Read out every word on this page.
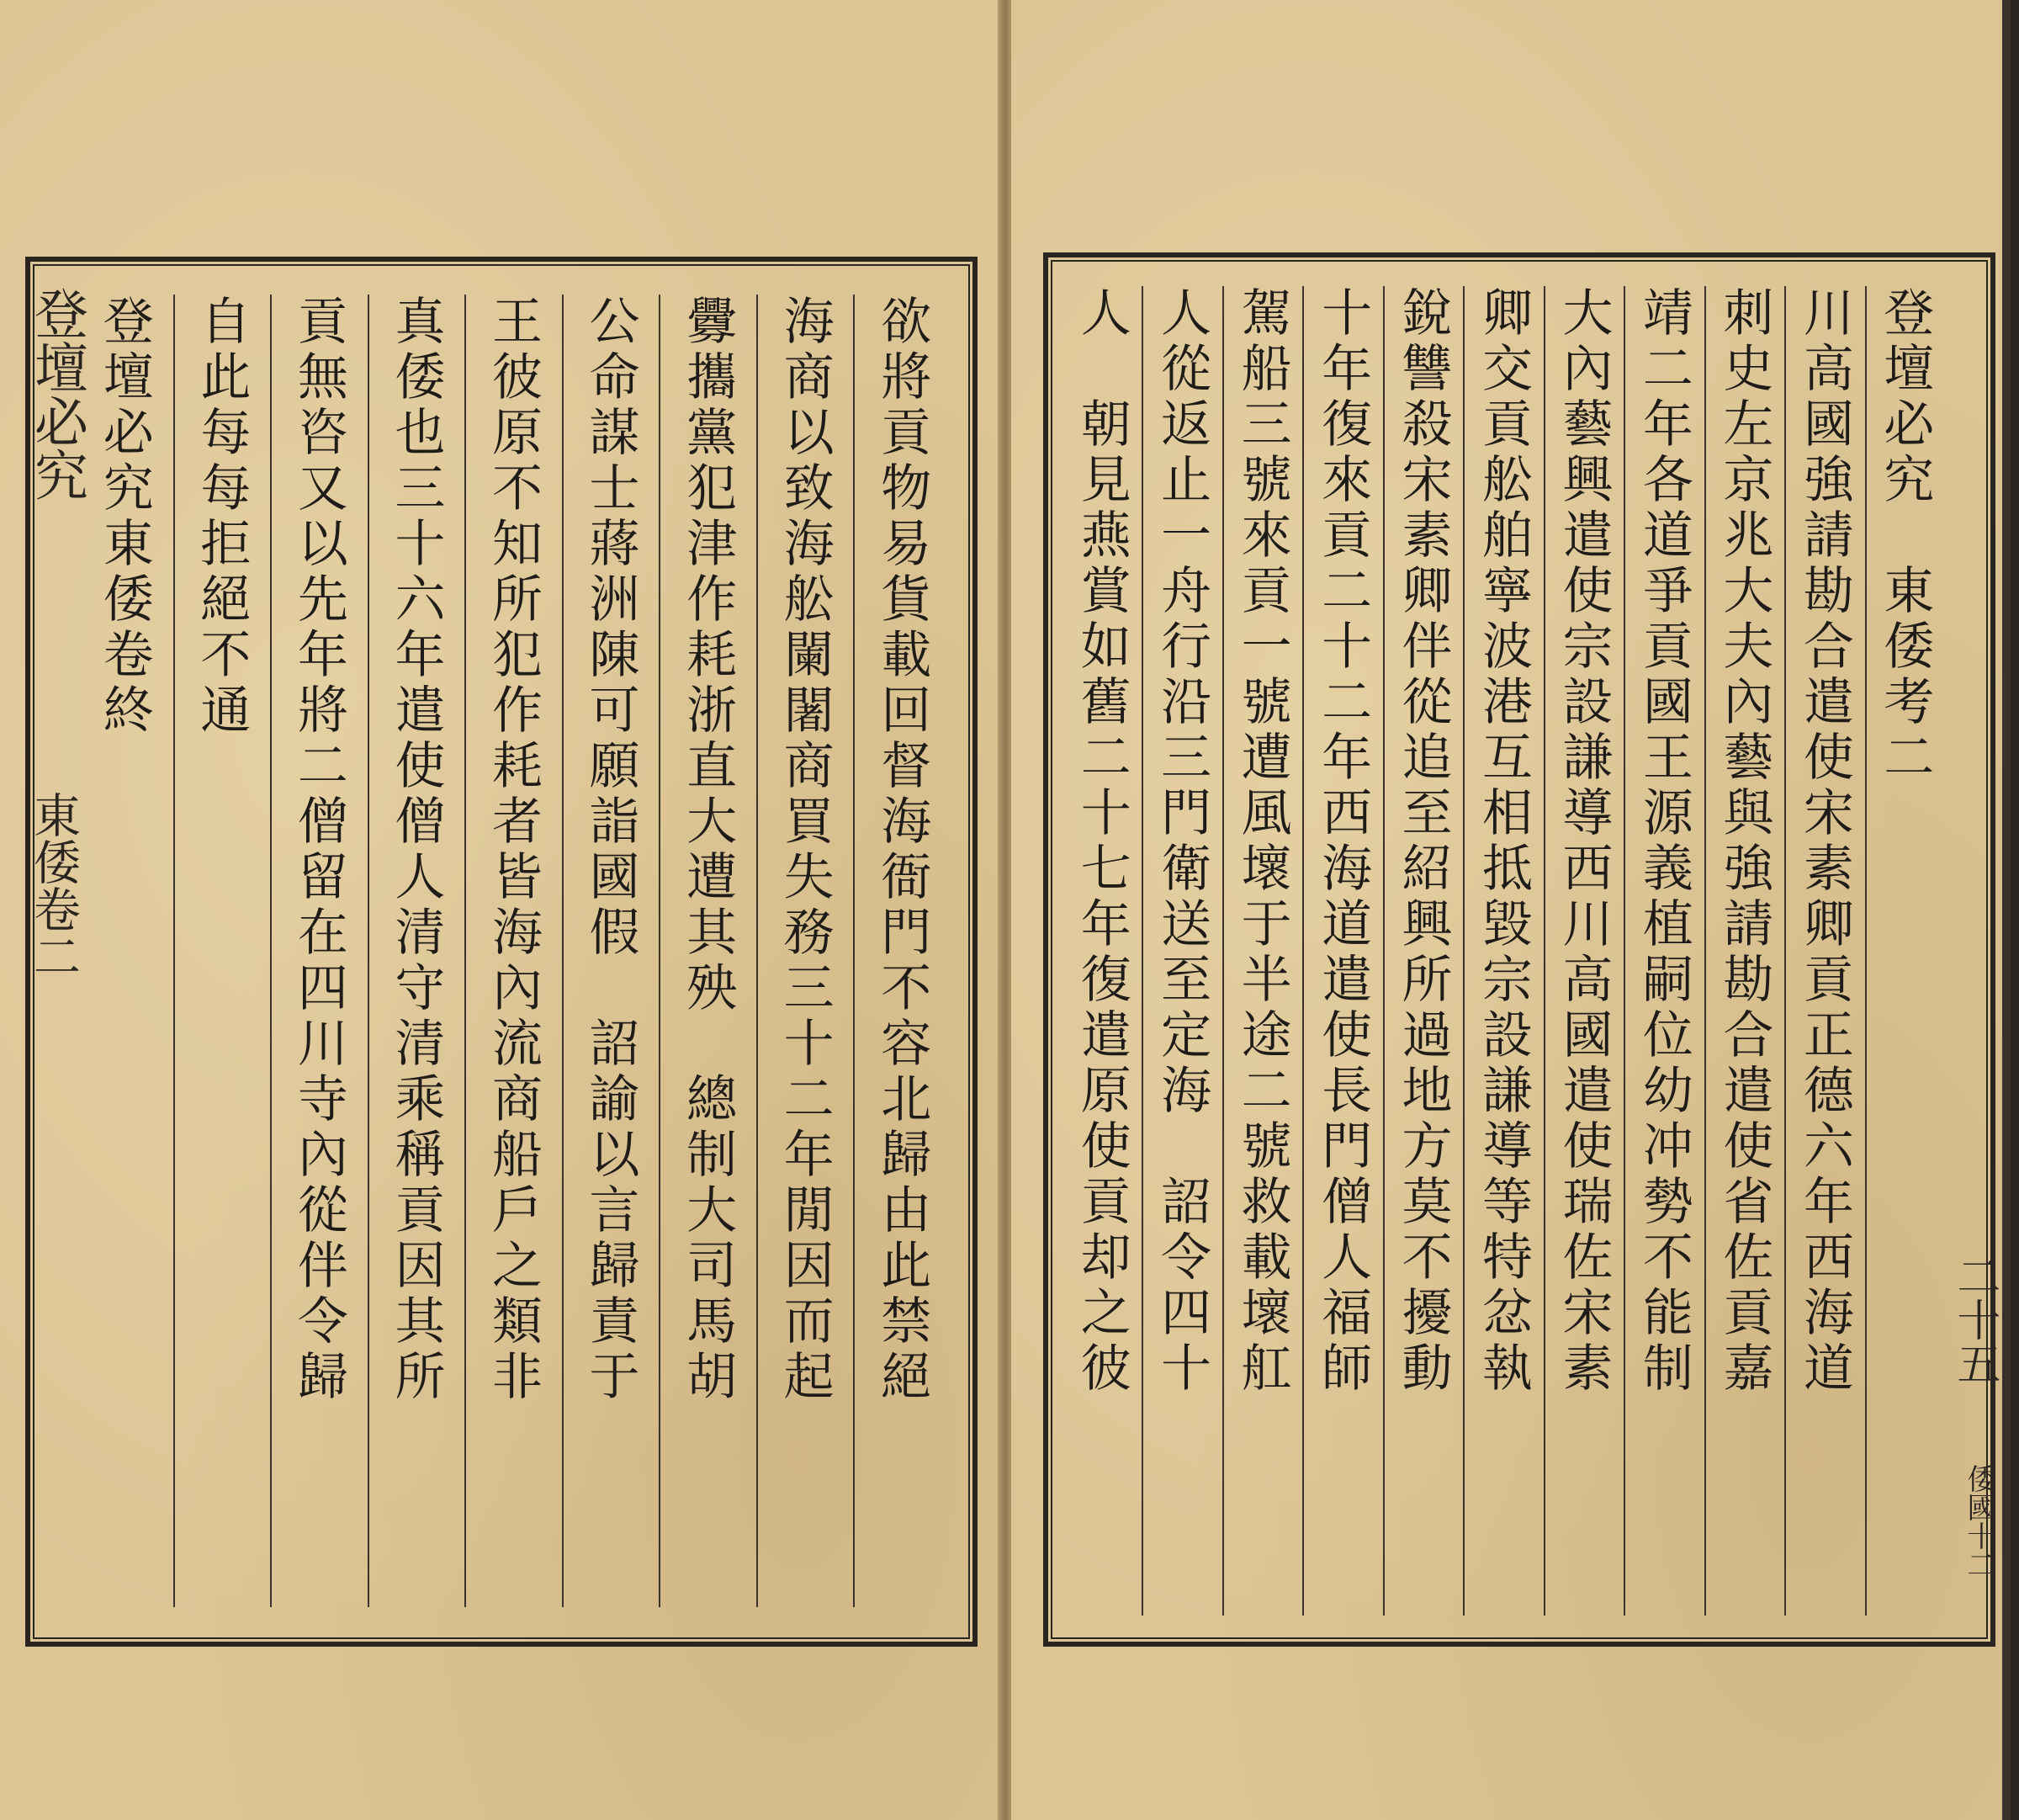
登壇必究
東倭卷二	欲將貢物易貨載回督海衙門不容北歸由此禁絕
海商以致海舩闌闍商買失務三十二年閒因而起
釁攜黨犯津作耗浙直大遭其殃　總制大司馬胡
公命謀士蔣洲陳可願詣國假　詔諭以言歸責于
王彼原不知所犯作耗者皆海內流商船戶之類非
真倭也三十六年遣使僧人清守清乘稱貢因其所
貢無咨又以先年將二僧留在四川寺內從伴令歸
自此每每拒絕不通
登壇必究東倭卷終	登壇必究　東倭考二
川高國強請勘合遣使宋素卿貢正德六年西海道
刺史左京兆大夫內藝與強請勘合遣使省佐貢嘉
靖二年各道爭貢國王源義植嗣位幼冲勢不能制
大內藝興遣使宗設謙導西川高國遣使瑞佐宋素
卿交貢舩舶寧波港互相抵毀宗設謙導等特忿執
銳讐殺宋素卿伴從追至紹興所過地方莫不擾動
十年復來貢二十二年西海道遣使長門僧人福師
駕船三號來貢一號遭風壞于半途二號救載壞舡
人從返止一舟行沿三門衛送至定海　詔令四十
人　朝見燕賞如舊二十七年復遣原使貢却之彼	二十五
倭國十二
